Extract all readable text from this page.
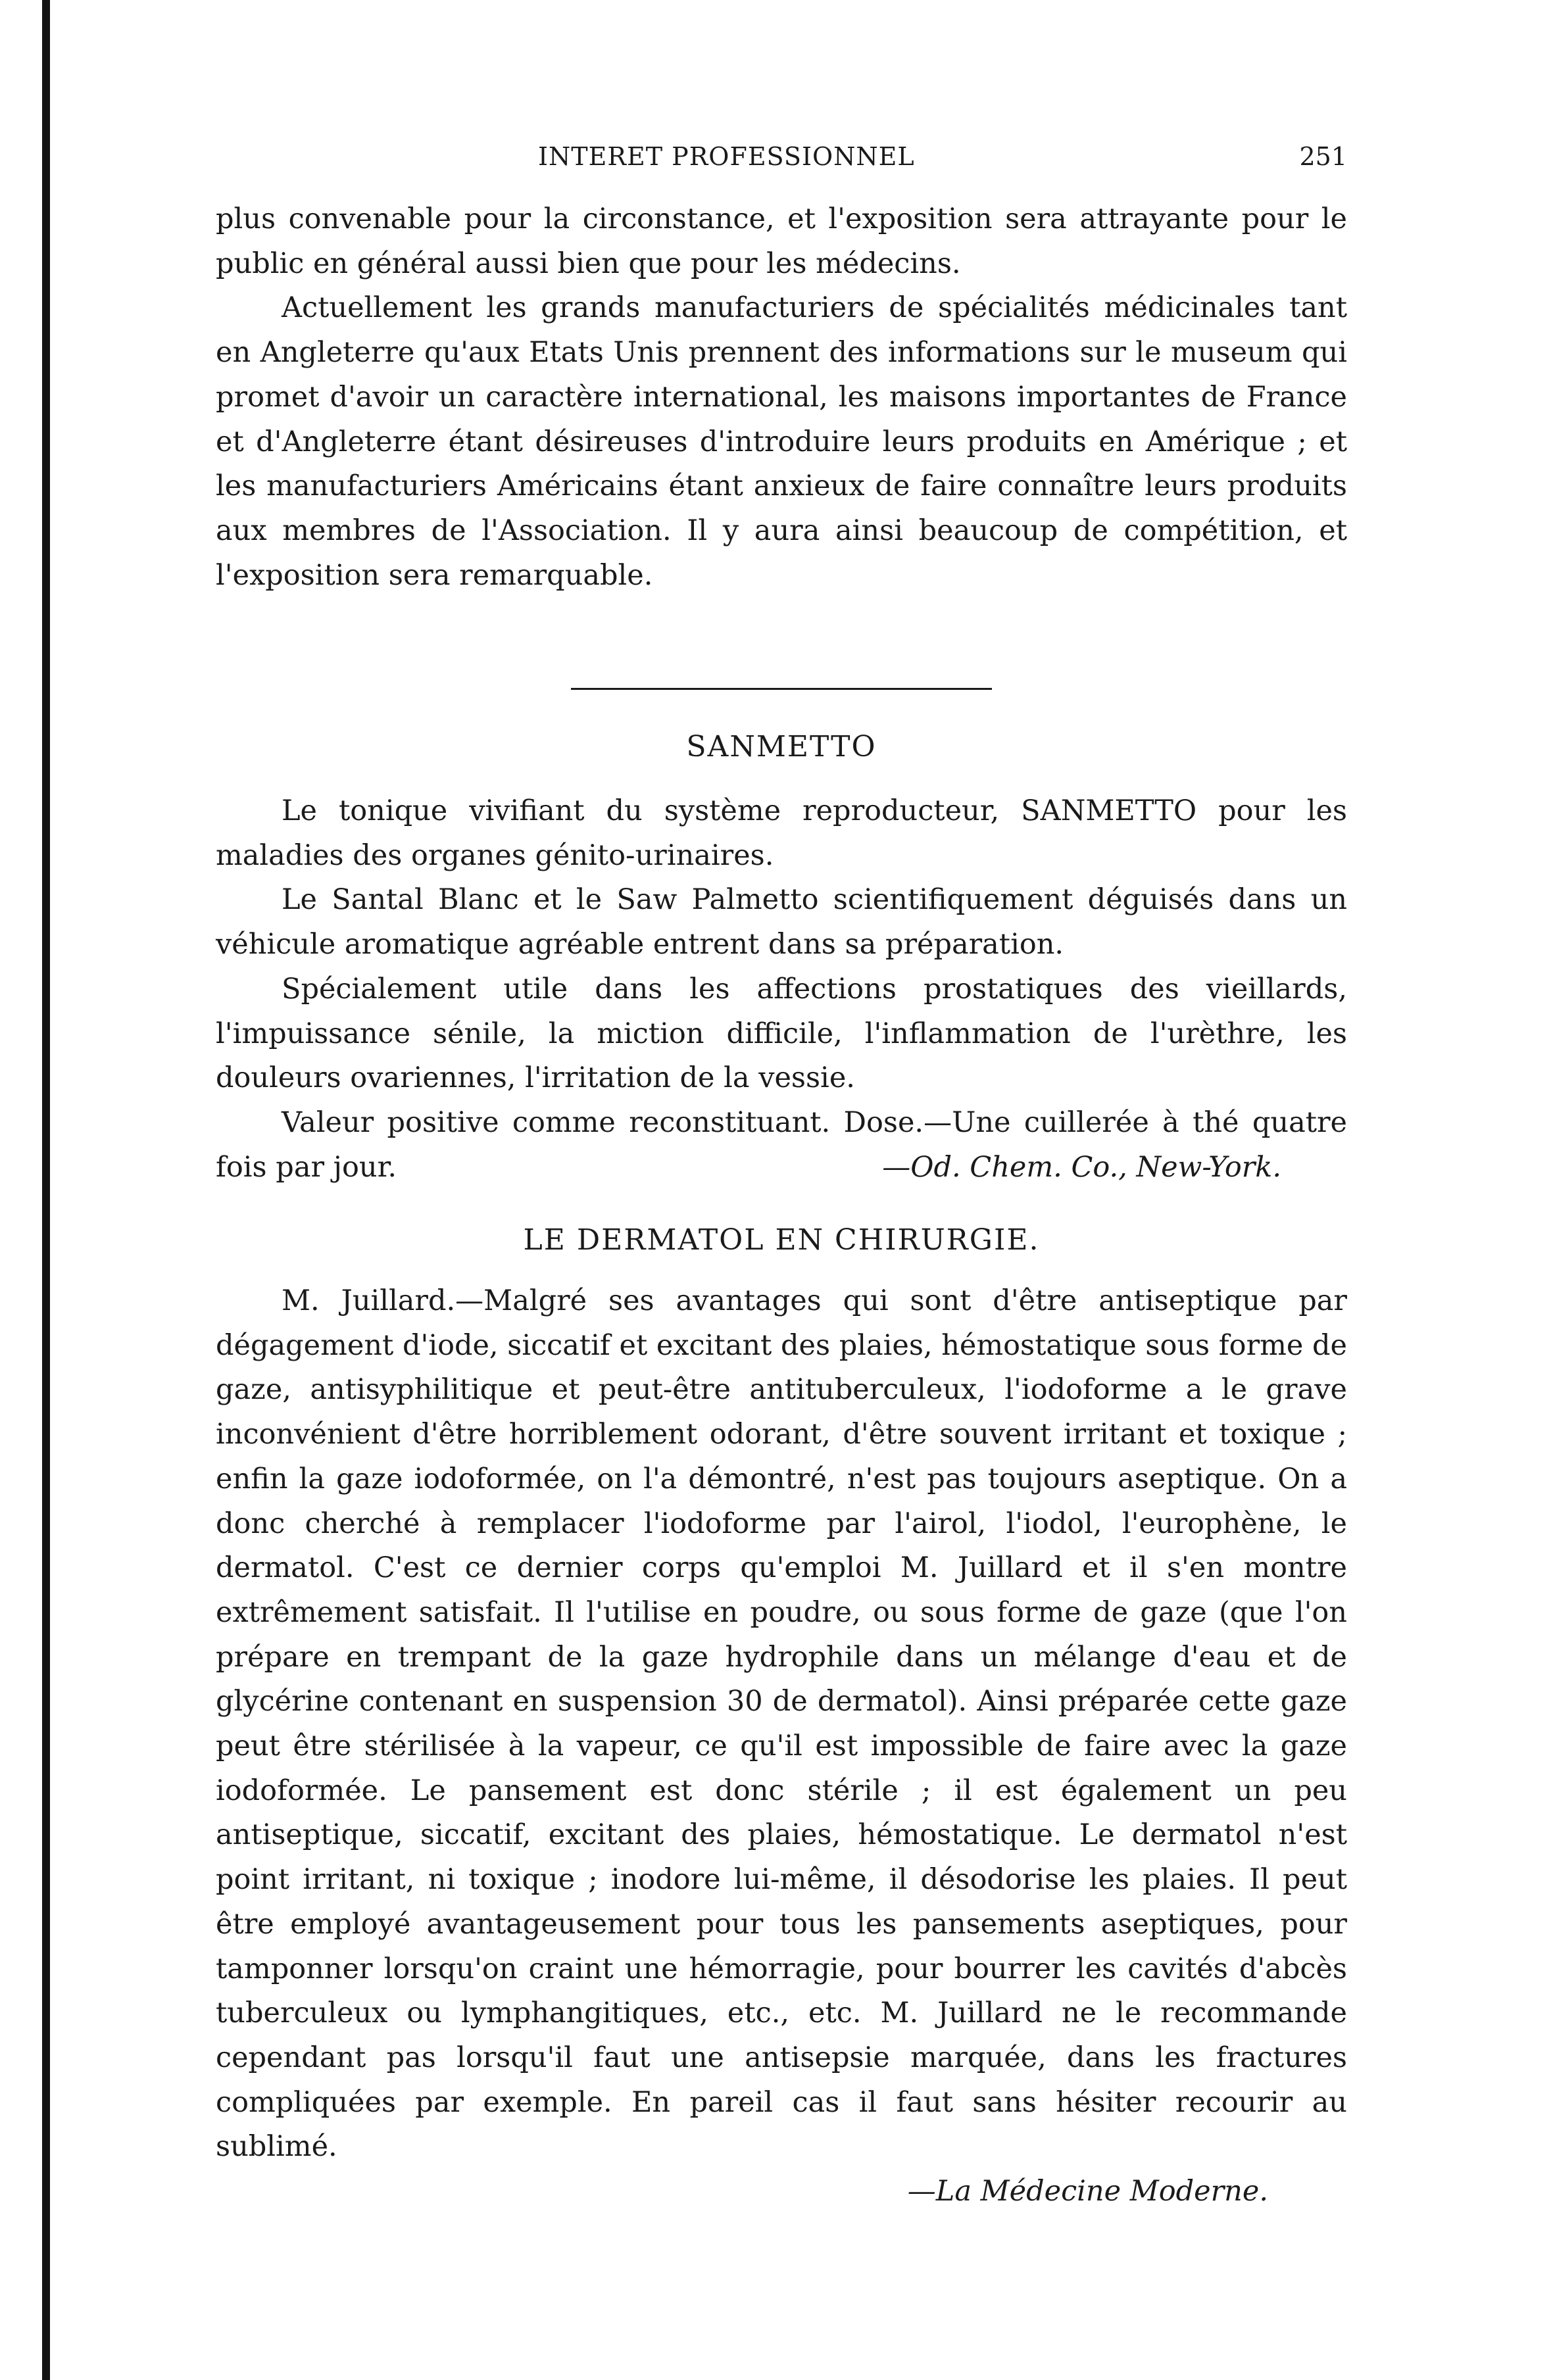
INTERET PROFESSIONNEL	251

plus convenable pour la circonstance, et l'exposition sera attrayante pour le public en général aussi bien que pour les médecins.

Actuellement les grands manufacturiers de spécialités médicinales tant en Angleterre qu'aux Etats Unis prennent des informations sur le museum qui promet d'avoir un caractère international, les maisons importantes de France et d'Angleterre étant désireuses d'introduire leurs produits en Amérique ; et les manufacturiers Américains étant anxieux de faire connaître leurs produits aux membres de l'Association. Il y aura ainsi beaucoup de compétition, et l'exposition sera remarquable.

SANMETTO

Le tonique vivifiant du système reproducteur, SANMETTO pour les maladies des organes génito-urinaires.

Le Santal Blanc et le Saw Palmetto scientifiquement déguisés dans un véhicule aromatique agréable entrent dans sa préparation.

Spécialement utile dans les affections prostatiques des vieillards, l'impuissance sénile, la miction difficile, l'inflammation de l'urèthre, les douleurs ovariennes, l'irritation de la vessie.

Valeur positive comme reconstituant. Dose.—Une cuillerée à thé quatre fois par jour.	—Od. Chem. Co., New-York.

LE DERMATOL EN CHIRURGIE.

M. Juillard.—Malgré ses avantages qui sont d'être antiseptique par dégagement d'iode, siccatif et excitant des plaies, hémostatique sous forme de gaze, antisyphilitique et peut-être antituberculeux, l'iodoforme a le grave inconvénient d'être horriblement odorant, d'être souvent irritant et toxique ; enfin la gaze iodoformée, on l'a démontré, n'est pas toujours aseptique. On a donc cherché à remplacer l'iodoforme par l'airol, l'iodol, l'europhène, le dermatol. C'est ce dernier corps qu'emploi M. Juillard et il s'en montre extrêmement satisfait. Il l'utilise en poudre, ou sous forme de gaze (que l'on prépare en trempant de la gaze hydrophile dans un mélange d'eau et de glycérine contenant en suspension 30 de dermatol). Ainsi préparée cette gaze peut être stérilisée à la vapeur, ce qu'il est impossible de faire avec la gaze iodoformée. Le pansement est donc stérile ; il est également un peu antiseptique, siccatif, excitant des plaies, hémostatique. Le dermatol n'est point irritant, ni toxique ; inodore lui-même, il désodorise les plaies. Il peut être employé avantageusement pour tous les pansements aseptiques, pour tamponner lorsqu'on craint une hémorragie, pour bourrer les cavités d'abcès tuberculeux ou lymphangitiques, etc., etc. M. Juillard ne le recommande cependant pas lorsqu'il faut une antisepsie marquée, dans les fractures compliquées par exemple. En pareil cas il faut sans hésiter recourir au sublimé.

—La Médecine Moderne.
